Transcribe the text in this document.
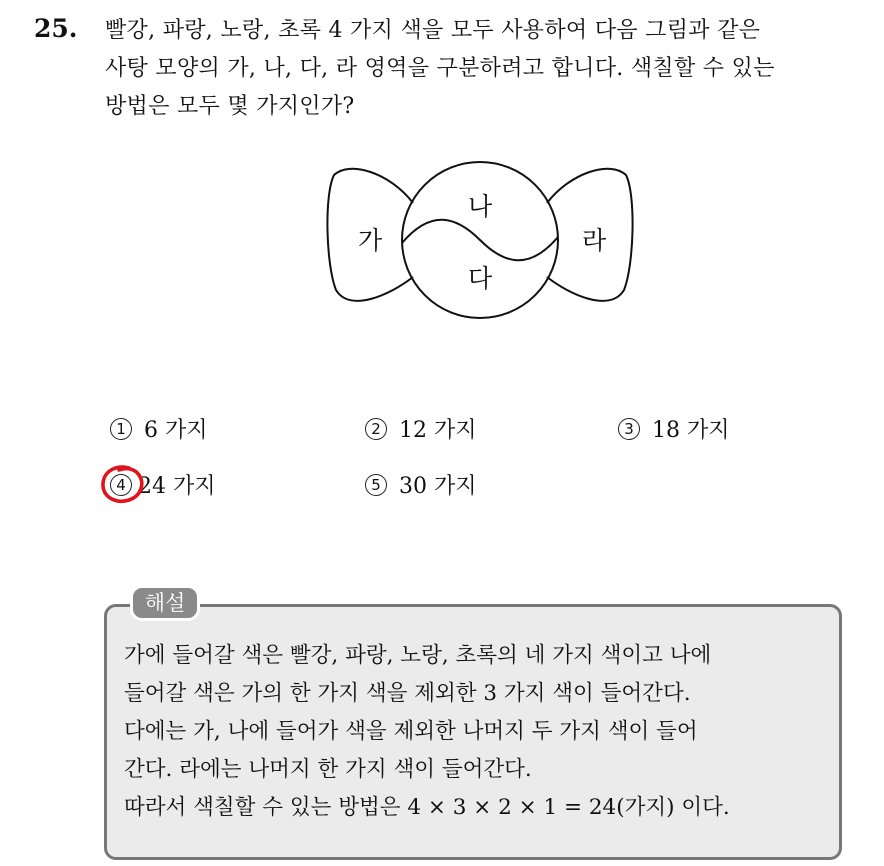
25. 빨강, 파랑, 노랑, 초록 4 가지 색을 모두 사용하여 다음 그림과 같은
사탕 모양의 가, 나, 다, 라 영역을 구분하려고 합니다. 색칠할 수 있는
방법은 모두 몇 가지인가?
가
나
다
라
1 6 가지	2 12 가지	3 18 가지
4 24 가지	5 30 가지
해설
가에 들어갈 색은 빨강, 파랑, 노랑, 초록의 네 가지 색이고 나에
들어갈 색은 가의 한 가지 색을 제외한 3 가지 색이 들어간다.
다에는 가, 나에 들어가 색을 제외한 나머지 두 가지 색이 들어
간다. 라에는 나머지 한 가지 색이 들어간다.
따라서 색칠할 수 있는 방법은 4 × 3 × 2 × 1 = 24(가지) 이다.
